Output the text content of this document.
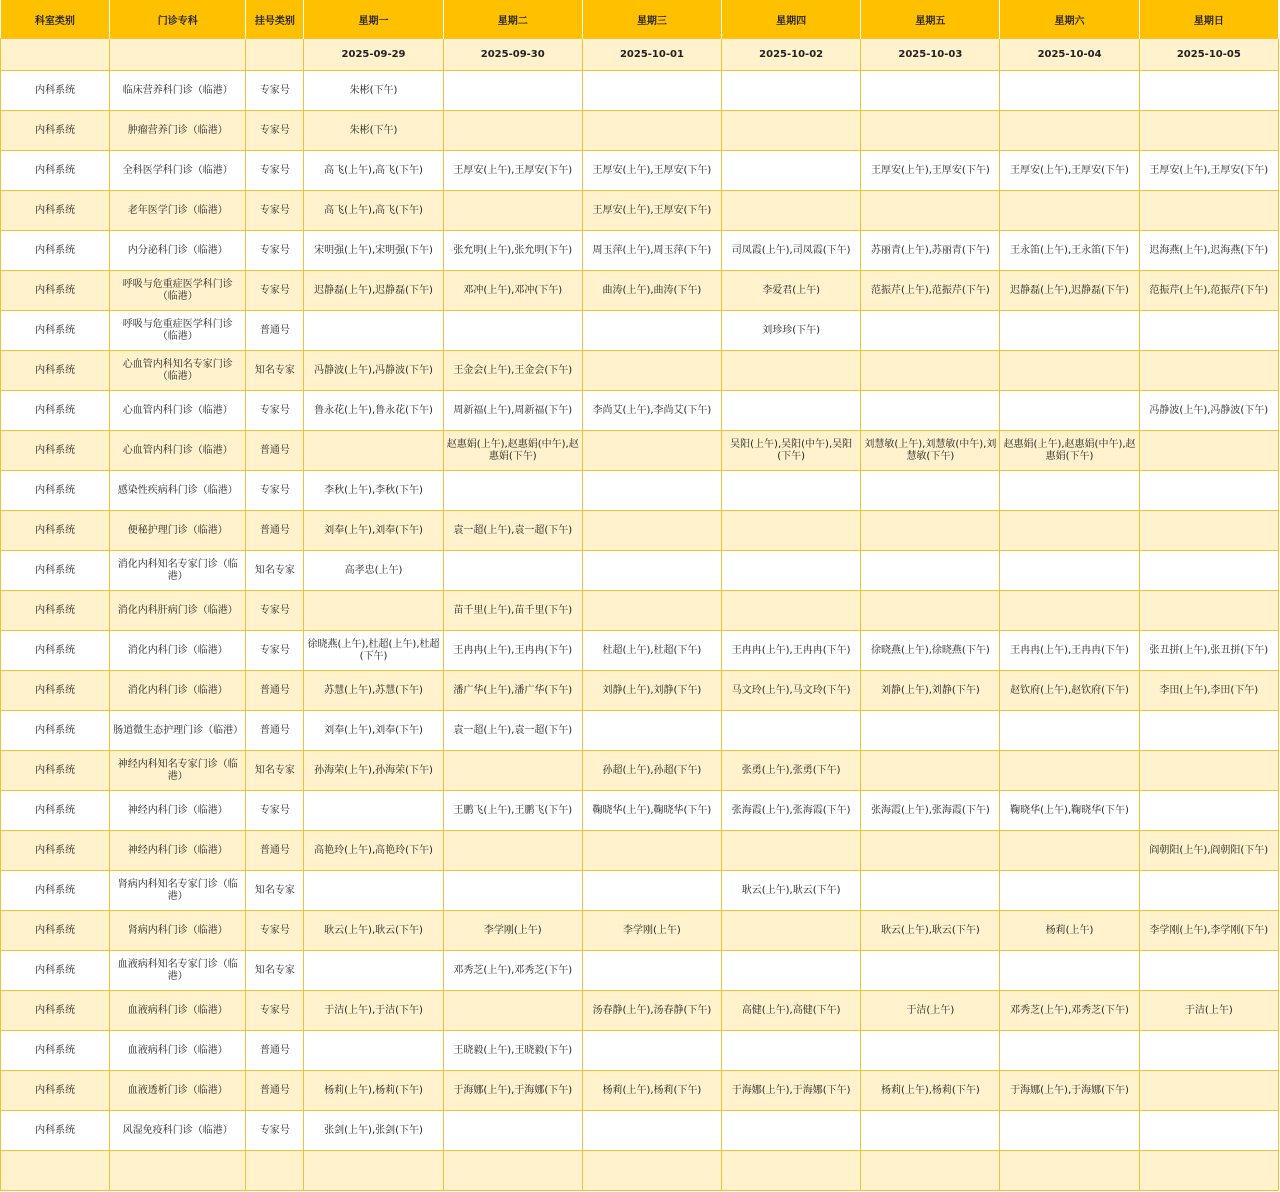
科室类别	门诊专科	挂号类别	星期一	星期二	星期三	星期四	星期五	星期六	星期日
			2025-09-29	2025-09-30	2025-10-01	2025-10-02	2025-10-03	2025-10-04	2025-10-05
内科系统	临床营养科门诊（临港）	专家号	朱彬(下午)						
内科系统	肿瘤营养门诊（临港）	专家号	朱彬(下午)						
内科系统	全科医学科门诊（临港）	专家号	高飞(上午),高飞(下午)	王厚安(上午),王厚安(下午)	王厚安(上午),王厚安(下午)		王厚安(上午),王厚安(下午)	王厚安(上午),王厚安(下午)	王厚安(上午),王厚安(下午)
内科系统	老年医学门诊（临港）	专家号	高飞(上午),高飞(下午)		王厚安(上午),王厚安(下午)				
内科系统	内分泌科门诊（临港）	专家号	宋明强(上午),宋明强(下午)	张允明(上午),张允明(下午)	周玉萍(上午),周玉萍(下午)	司凤霞(上午),司凤霞(下午)	苏丽青(上午),苏丽青(下午)	王永笛(上午),王永笛(下午)	迟海燕(上午),迟海燕(下午)
内科系统	呼吸与危重症医学科门诊（临港）	专家号	迟静磊(上午),迟静磊(下午)	邓冲(上午),邓冲(下午)	曲涛(上午),曲涛(下午)	李爱君(上午)	范振芹(上午),范振芹(下午)	迟静磊(上午),迟静磊(下午)	范振芹(上午),范振芹(下午)
内科系统	呼吸与危重症医学科门诊（临港）	普通号				刘珍珍(下午)			
内科系统	心血管内科知名专家门诊（临港）	知名专家	冯静波(上午),冯静波(下午)	王金会(上午),王金会(下午)					
内科系统	心血管内科门诊（临港）	专家号	鲁永花(上午),鲁永花(下午)	周新福(上午),周新福(下午)	李尚艾(上午),李尚艾(下午)				冯静波(上午),冯静波(下午)
内科系统	心血管内科门诊（临港）	普通号		赵惠娟(上午),赵惠娟(中午),赵惠娟(下午)		吴阳(上午),吴阳(中午),吴阳(下午)	刘慧敏(上午),刘慧敏(中午),刘慧敏(下午)	赵惠娟(上午),赵惠娟(中午),赵惠娟(下午)	
内科系统	感染性疾病科门诊（临港）	专家号	李秋(上午),李秋(下午)						
内科系统	便秘护理门诊（临港）	普通号	刘奉(上午),刘奉(下午)	袁一超(上午),袁一超(下午)					
内科系统	消化内科知名专家门诊（临港）	知名专家	高孝忠(上午)						
内科系统	消化内科肝病门诊（临港）	专家号		苗千里(上午),苗千里(下午)					
内科系统	消化内科门诊（临港）	专家号	徐晓燕(上午),杜超(上午),杜超(下午)	王冉冉(上午),王冉冉(下午)	杜超(上午),杜超(下午)	王冉冉(上午),王冉冉(下午)	徐晓燕(上午),徐晓燕(下午)	王冉冉(上午),王冉冉(下午)	张丑拼(上午),张丑拼(下午)
内科系统	消化内科门诊（临港）	普通号	苏慧(上午),苏慧(下午)	潘广华(上午),潘广华(下午)	刘静(上午),刘静(下午)	马文玲(上午),马文玲(下午)	刘静(上午),刘静(下午)	赵钦府(上午),赵钦府(下午)	李田(上午),李田(下午)
内科系统	肠道微生态护理门诊（临港）	普通号	刘奉(上午),刘奉(下午)	袁一超(上午),袁一超(下午)					
内科系统	神经内科知名专家门诊（临港）	知名专家	孙海荣(上午),孙海荣(下午)		孙超(上午),孙超(下午)	张勇(上午),张勇(下午)			
内科系统	神经内科门诊（临港）	专家号		王鹏飞(上午),王鹏飞(下午)	鞠晓华(上午),鞠晓华(下午)	张海霞(上午),张海霞(下午)	张海霞(上午),张海霞(下午)	鞠晓华(上午),鞠晓华(下午)	
内科系统	神经内科门诊（临港）	普通号	高艳玲(上午),高艳玲(下午)						阎朝阳(上午),阎朝阳(下午)
内科系统	肾病内科知名专家门诊（临港）	知名专家				耿云(上午),耿云(下午)			
内科系统	肾病内科门诊（临港）	专家号	耿云(上午),耿云(下午)	李学刚(上午)	李学刚(上午)		耿云(上午),耿云(下午)	杨莉(上午)	李学刚(上午),李学刚(下午)
内科系统	血液病科知名专家门诊（临港）	知名专家		邓秀芝(上午),邓秀芝(下午)					
内科系统	血液病科门诊（临港）	专家号	于洁(上午),于洁(下午)		汤春静(上午),汤春静(下午)	高健(上午),高健(下午)	于洁(上午)	邓秀芝(上午),邓秀芝(下午)	于洁(上午)
内科系统	血液病科门诊（临港）	普通号		王晓毅(上午),王晓毅(下午)					
内科系统	血液透析门诊（临港）	普通号	杨莉(上午),杨莉(下午)	于海娜(上午),于海娜(下午)	杨莉(上午),杨莉(下午)	于海娜(上午),于海娜(下午)	杨莉(上午),杨莉(下午)	于海娜(上午),于海娜(下午)	
内科系统	风湿免疫科门诊（临港）	专家号	张剑(上午),张剑(下午)						
